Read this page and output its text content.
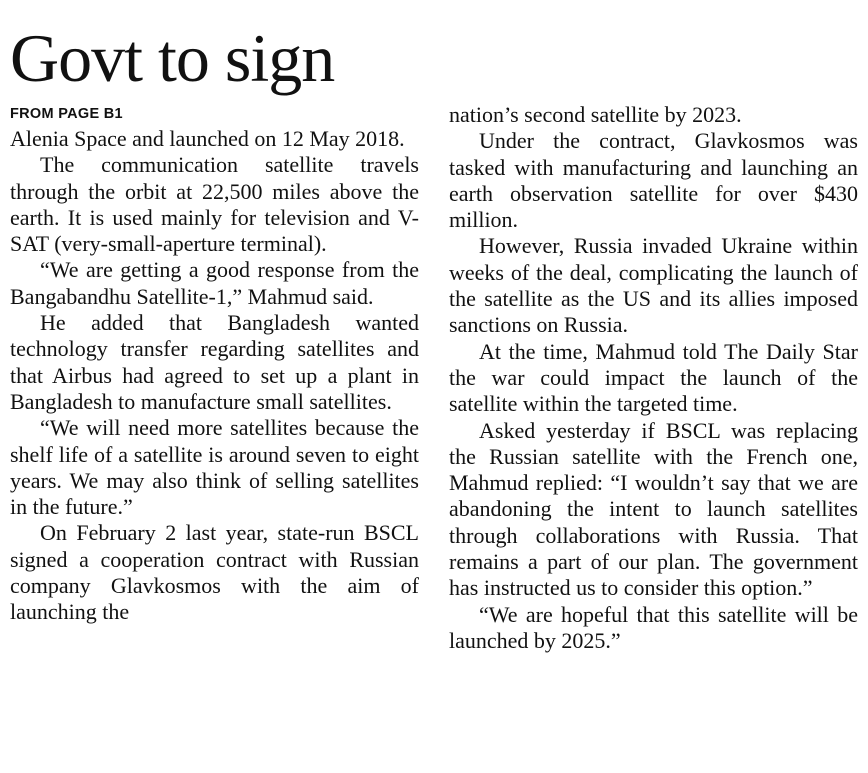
Govt to sign
FROM PAGE B1

Alenia Space and launched on 12 May 2018.

The communication satellite travels through the orbit at 22,500 miles above the earth. It is used mainly for television and V-SAT (very-small-aperture terminal).

“We are getting a good response from the Bangabandhu Satellite-1,” Mahmud said.

He added that Bangladesh wanted technology transfer regarding satellites and that Airbus had agreed to set up a plant in Bangladesh to manufacture small satellites.

“We will need more satellites because the shelf life of a satellite is around seven to eight years. We may also think of selling satellites in the future.”

On February 2 last year, state-run BSCL signed a cooperation contract with Russian company Glavkosmos with the aim of launching the

nation’s second satellite by 2023.

Under the contract, Glavkosmos was tasked with manufacturing and launching an earth observation satellite for over $430 million.

However, Russia invaded Ukraine within weeks of the deal, complicating the launch of the satellite as the US and its allies imposed sanctions on Russia.

At the time, Mahmud told The Daily Star the war could impact the launch of the satellite within the targeted time.

Asked yesterday if BSCL was replacing the Russian satellite with the French one, Mahmud replied: “I wouldn’t say that we are abandoning the intent to launch satellites through collaborations with Russia. That remains a part of our plan. The government has instructed us to consider this option.”

“We are hopeful that this satellite will be launched by 2025.”
